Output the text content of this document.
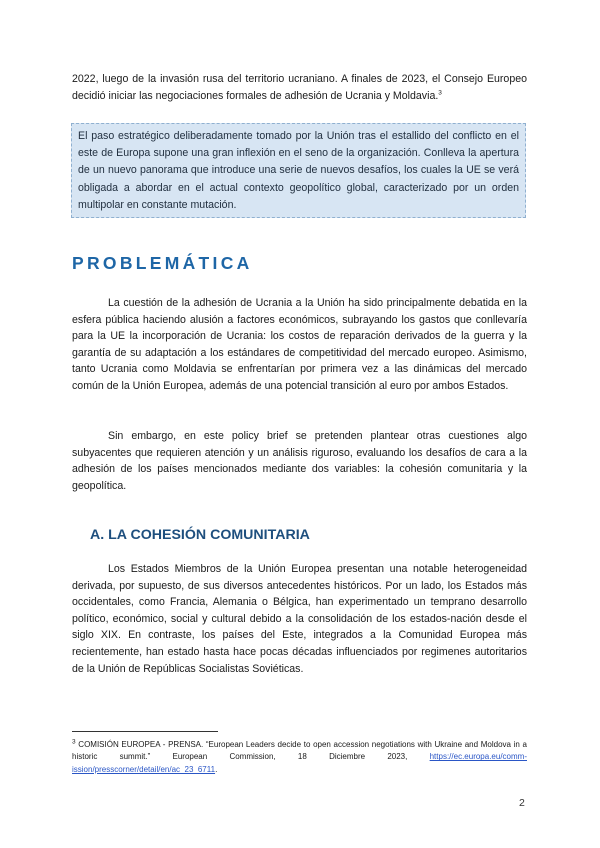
2022, luego de la invasión rusa del territorio ucraniano. A finales de 2023, el Consejo Europeo decidió iniciar las negociaciones formales de adhesión de Ucrania y Moldavia.$^3$

El paso estratégico deliberadamente tomado por la Unión tras el estallido del conflicto en el este de Europa supone una gran inflexión en el seno de la organización. Conlleva la apertura de un nuevo panorama que introduce una serie de nuevos desafíos, los cuales la UE se verá obligada a abordar en el actual contexto geopolítico global, caracterizado por un orden multipolar en constante mutación.
PROBLEMÁTICA

La cuestión de la adhesión de Ucrania a la Unión ha sido principalmente debatida en la esfera pública haciendo alusión a factores económicos, subrayando los gastos que conllevaría para la UE la incorporación de Ucrania: los costos de reparación derivados de la guerra y la garantía de su adaptación a los estándares de competitividad del mercado europeo. Asimismo, tanto Ucrania como Moldavia se enfrentarían por primera vez a las dinámicas del mercado común de la Unión Europea, además de una potencial transición al euro por ambos Estados.

Sin embargo, en este policy brief se pretenden plantear otras cuestiones algo subyacentes que requieren atención y un análisis riguroso, evaluando los desafíos de cara a la adhesión de los países mencionados mediante dos variables: la cohesión comunitaria y la geopolítica.

A. LA COHESIÓN COMUNITARIA

Los Estados Miembros de la Unión Europea presentan una notable heterogeneidad derivada, por supuesto, de sus diversos antecedentes históricos. Por un lado, los Estados más occidentales, como Francia, Alemania o Bélgica, han experimentado un temprano desarrollo político, económico, social y cultural debido a la consolidación de los estados-nación desde el siglo XIX. En contraste, los países del Este, integrados a la Comunidad Europea más recientemente, han estado hasta hace pocas décadas influenciados por regimenes autoritarios de la Unión de Repúblicas Socialistas Soviéticas.

$^3$ COMISIÓN EUROPEA - PRENSA. “European Leaders decide to open accession negotiations with Ukraine and Moldova in a historic summit.” European Commission, 18 Diciembre 2023, https://ec.europa.eu/comm- ission/presscorner/detail/en/ac_23_6711.

2
